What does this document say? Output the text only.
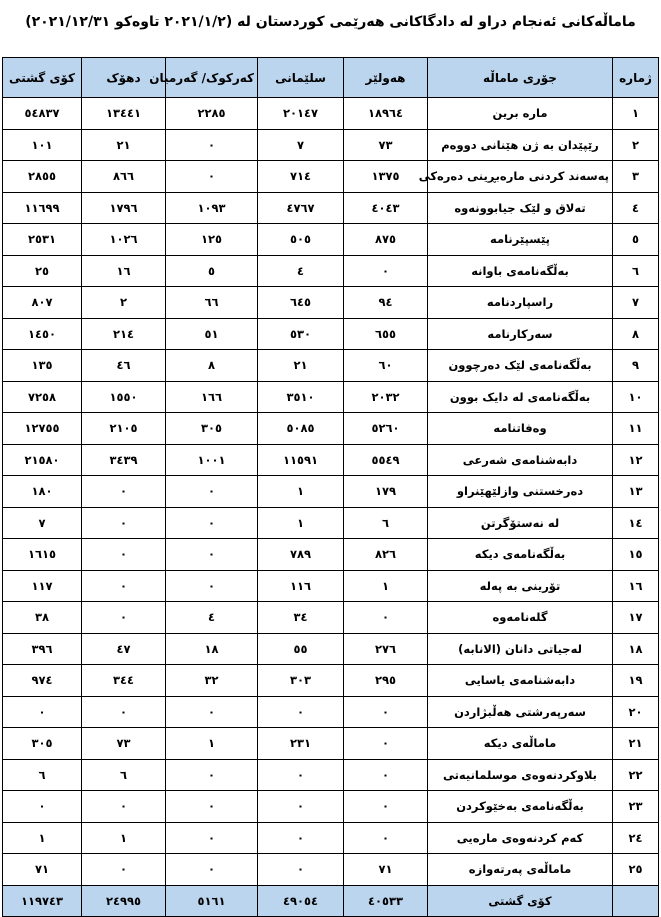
ماماڵەکانی ئەنجام دراو لە دادگاکانی هەرێمی کوردستان لە (٢٠٢١/١/٢ تاوەکو ٢٠٢١/١٢/٣١)
ژمارە	جۆری ماماڵە	هەولێر	سلێمانی	کەرکوک/ گەرمیان	دهۆک	کۆی گشتی
١	مارە برین	١٨٩٦٤	٢٠١٤٧	٢٢٨٥	١٣٤٤١	٥٤٨٣٧
٢	رێپێدان بە ژن هێنانی دووەم	٧٣	٧	٠	٢١	١٠١
٣	پەسەند کردنی مارەبڕینی دەرەکی	١٣٧٥	٧١٤	٠	٨٦٦	٢٨٥٥
٤	تەلاق و لێک جیابوونەوە	٤٠٤٣	٤٧٦٧	١٠٩٣	١٧٩٦	١١٦٩٩
٥	پێسپێرنامە	٨٧٥	٥٠٥	١٢٥	١٠٢٦	٢٥٣١
٦	بەڵگەنامەی باوانە	٠	٤	٥	١٦	٢٥
٧	راسپاردنامە	٩٤	٦٤٥	٦٦	٢	٨٠٧
٨	سەرکارنامە	٦٥٥	٥٣٠	٥١	٢١٤	١٤٥٠
٩	بەڵگەنامەی لێک دەرچوون	٦٠	٢١	٨	٤٦	١٣٥
١٠	بەڵگەنامەی لە دایک بوون	٢٠٣٢	٣٥١٠	١٦٦	١٥٥٠	٧٢٥٨
١١	وەفاتنامە	٥٢٦٠	٥٠٨٥	٣٠٥	٢١٠٥	١٢٧٥٥
١٢	دابەشنامەی شەرعی	٥٥٤٩	١١٥٩١	١٠٠١	٣٤٣٩	٢١٥٨٠
١٣	دەرخستنی وازلێهێنراو	١٧٩	١	٠	٠	١٨٠
١٤	لە نەستۆگرتن	٦	١	٠	٠	٧
١٥	بەڵگەنامەی دیکە	٨٢٦	٧٨٩	٠	٠	١٦١٥
١٦	تۆرینی بە پەلە	١	١١٦	٠	٠	١١٧
١٧	گلەنامەوە	٠	٣٤	٤	٠	٣٨
١٨	لەجیاتی دانان (الانابە)	٢٧٦	٥٥	١٨	٤٧	٣٩٦
١٩	دابەشنامەی یاسایی	٢٩٥	٣٠٣	٣٢	٣٤٤	٩٧٤
٢٠	سەرپەرشتی هەڵبژاردن	٠	٠	٠	٠	٠
٢١	ماماڵەی دیکە	٠	٢٣١	١	٧٣	٣٠٥
٢٢	بلاوکردنەوەی موسلمانیەتی	٠	٠	٠	٦	٦
٢٣	بەڵگەنامەی بەخێوکردن	٠	٠	٠	٠	٠
٢٤	کەم کردنەوەی مارەیی	٠	٠	٠	١	١
٢٥	ماماڵەی پەرتەوازە	٧١	٠	٠	٠	٧١
	کۆی گشتی	٤٠٥٣٣	٤٩٠٥٤	٥١٦١	٢٤٩٩٥	١١٩٧٤٣
